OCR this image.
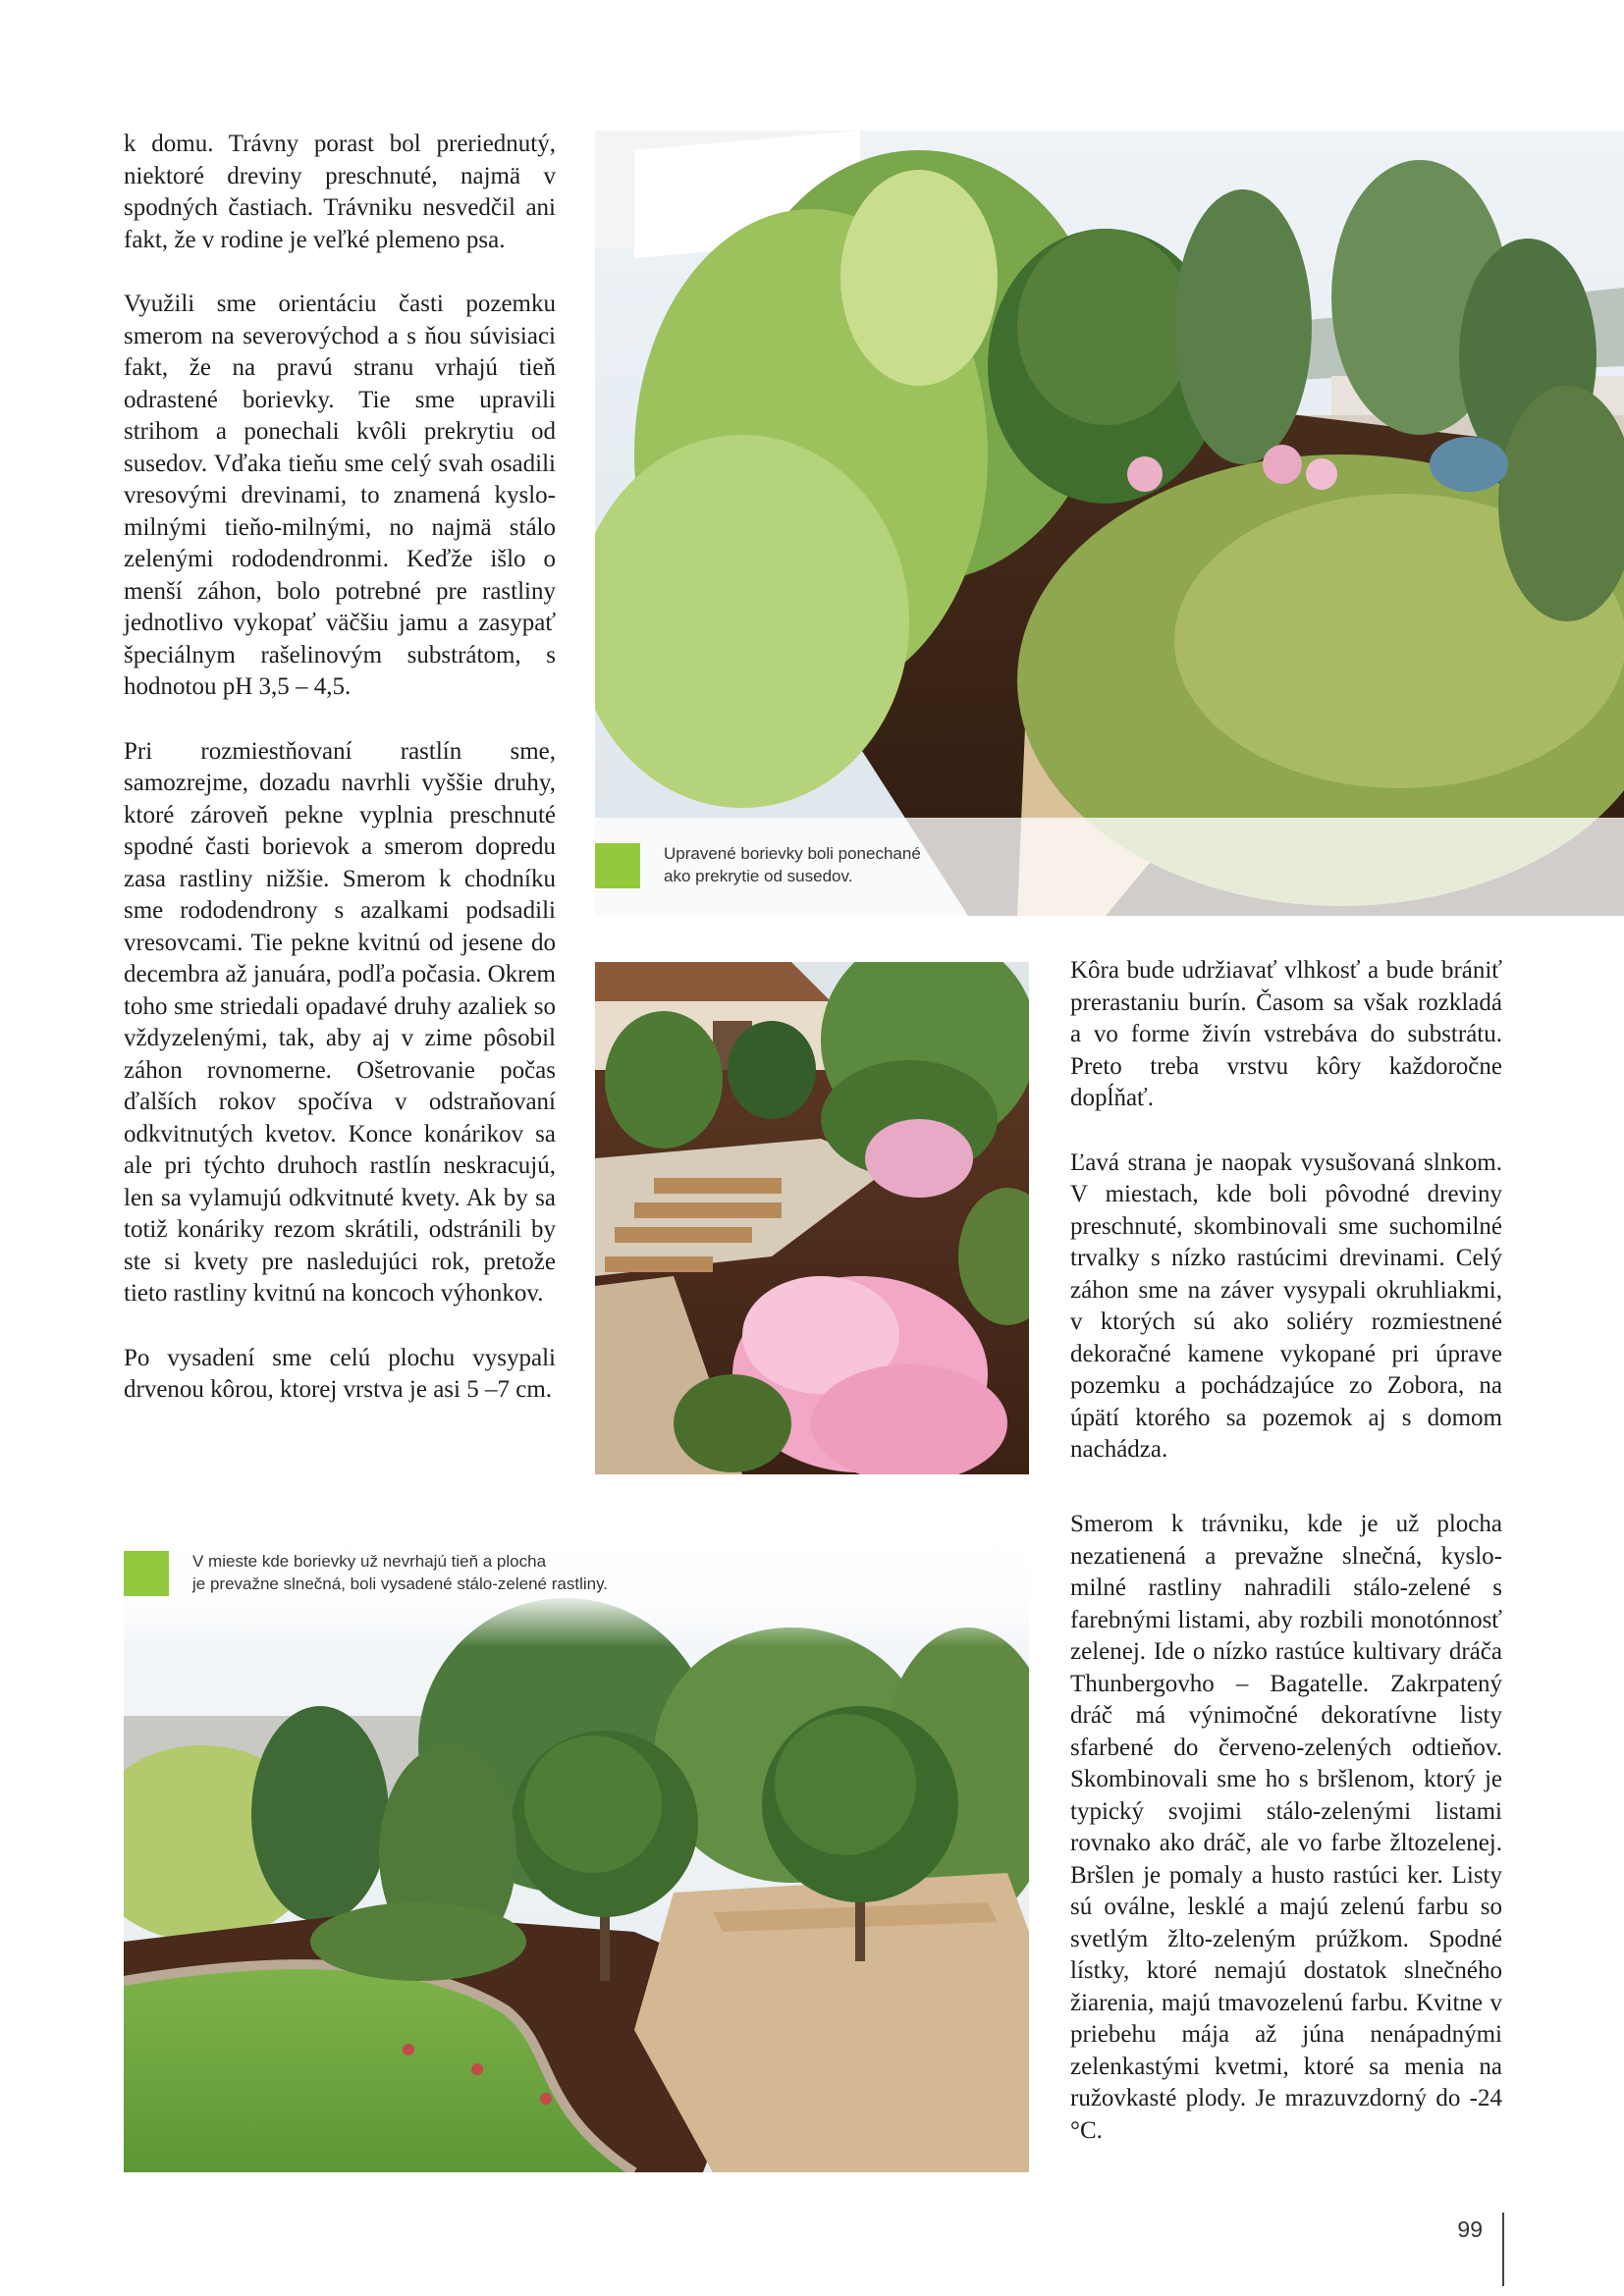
k domu. Trávny porast bol preriednutý, niektoré dreviny preschnuté, najmä v spodných častiach. Trávniku nesvedčil ani fakt, že v rodine je veľké plemeno psa.

Využili sme orientáciu časti pozemku smerom na severovýchod a s ňou súvisiaci fakt, že na pravú stranu vrhajú tieň odrastené borievky. Tie sme upravili strihom a ponechali kvôli prekrytiu od susedov. Vďaka tieňu sme celý svah osadili vresovými drevinami, to znamená kyslo-milnými tieňo-milnými, no najmä stálo zelenými rododendronmi. Keďže išlo o menší záhon, bolo potrebné pre rastliny jednotlivo vykopať väčšiu jamu a zasypať špeciálnym rašelinovým substrátom, s hodnotou pH 3,5 – 4,5.

Pri rozmiestňovaní rastlín sme, samozrejme, dozadu navrhli vyššie druhy, ktoré zároveň pekne vyplnia preschnuté spodné časti borievok a smerom dopredu zasa rastliny nižšie. Smerom k chodníku sme rododendrony s azalkami podsadili vresovcami. Tie pekne kvitnú od jesene do decembra až januára, podľa počasia. Okrem toho sme striedali opadavé druhy azaliek so vždyzelenými, tak, aby aj v zime pôsobil záhon rovnomerne. Ošetrovanie počas ďalších rokov spočíva v odstraňovaní odkvitnutých kvetov. Konce konárikov sa ale pri týchto druhoch rastlín neskracujú, len sa vylamujú odkvitnuté kvety. Ak by sa totiž konáriky rezom skrátili, odstránili by ste si kvety pre nasledujúci rok, pretože tieto rastliny kvitnú na koncoch výhonkov.

Po vysadení sme celú plochu vysypali drvenou kôrou, ktorej vrstva je asi 5 –7 cm.

Upravené borievky boli ponechané
ako prekrytie od susedov.

Kôra bude udržiavať vlhkosť a bude brániť prerastaniu burín. Časom sa však rozkladá a vo forme živín vstrebáva do substrátu. Preto treba vrstvu kôry každoročne dopĺňať.

Ľavá strana je naopak vysušovaná slnkom. V miestach, kde boli pôvodné dreviny preschnuté, skombinovali sme suchomilné trvalky s nízko rastúcimi drevinami. Celý záhon sme na záver vysypali okruhliakmi, v ktorých sú ako soliéry rozmiestnené dekoračné kamene vykopané pri úprave pozemku a pochádzajúce zo Zobora, na úpätí ktorého sa pozemok aj s domom nachádza.

V mieste kde borievky už nevrhajú tieň a plocha
je prevažne slnečná, boli vysadené stálo-zelené rastliny.

Smerom k trávniku, kde je už plocha nezatienená a prevažne slnečná, kyslo-milné rastliny nahradili stálo-zelené s farebnými listami, aby rozbili monotónnosť zelenej. Ide o nízko rastúce kultivary dráča Thunbergovho – Bagatelle. Zakrpatený dráč má výnimočné dekoratívne listy sfarbené do červeno-zelených odtieňov. Skombinovali sme ho s bršlenom, ktorý je typický svojimi stálo-zelenými listami rovnako ako dráč, ale vo farbe žltozelenej. Bršlen je pomaly a husto rastúci ker. Listy sú oválne, lesklé a majú zelenú farbu so svetlým žlto-zeleným prúžkom. Spodné lístky, ktoré nemajú dostatok slnečného žiarenia, majú tmavozelenú farbu. Kvitne v priebehu mája až júna nenápadnými zelenkastými kvetmi, ktoré sa menia na ružovkasté plody. Je mrazuvzdorný do -24 °C.

99
